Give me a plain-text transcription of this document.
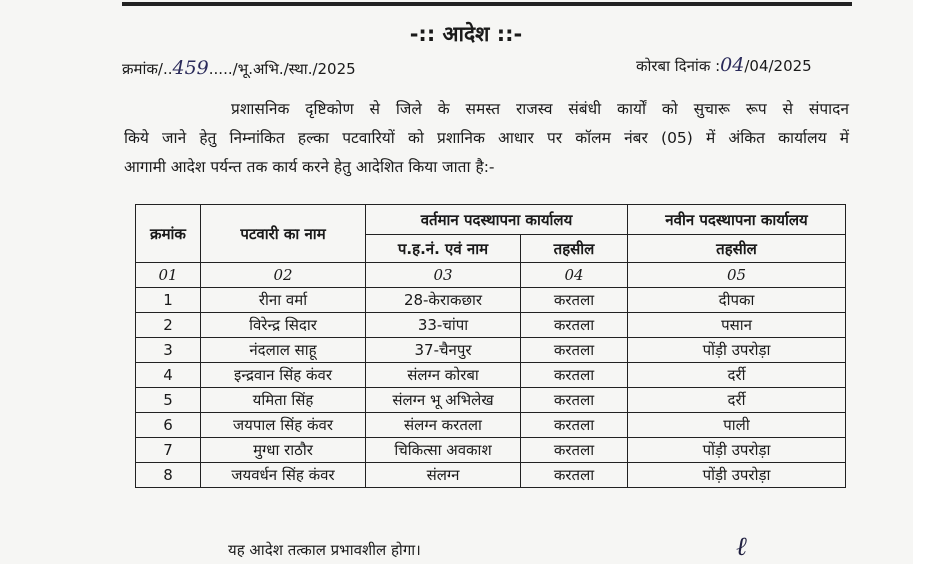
-:: आदेश ::-
क्रमांक/..459...../भू.अभि./स्था./2025	कोरबा दिनांक :04/04/2025
प्रशासनिक दृष्टिकोण से जिले के समस्त राजस्व संबंधी कार्यों को सुचारू रूप से संपादन
किये जाने हेतु निम्नांकित हल्का पटवारियों को प्रशानिक आधार पर कॉलम नंबर (05) में अंकित कार्यालय में
आगामी आदेश पर्यन्त तक कार्य करने हेतु आदेशित किया जाता है:-
क्रमांक	पटवारी का नाम	वर्तमान पदस्थापना कार्यालय		नवीन पदस्थापना कार्यालय
		प.ह.नं. एवं नाम	तहसील	तहसील
01	02	03	04	05
1	रीना वर्मा	28-केराकछार	करतला	दीपका
2	विरेन्द्र सिदार	33-चांपा	करतला	पसान
3	नंदलाल साहू	37-चैनपुर	करतला	पोंड़ी उपरोड़ा
4	इन्द्रवान सिंह कंवर	संलग्न कोरबा	करतला	दर्री
5	यमिता सिंह	संलग्न भू अभिलेख	करतला	दर्री
6	जयपाल सिंह कंवर	संलग्न करतला	करतला	पाली
7	मुग्धा राठौर	चिकित्सा अवकाश	करतला	पोंड़ी उपरोड़ा
8	जयवर्धन सिंह कंवर	संलग्न	करतला	पोंड़ी उपरोड़ा
यह आदेश तत्काल प्रभावशील होगा।	ℓ
